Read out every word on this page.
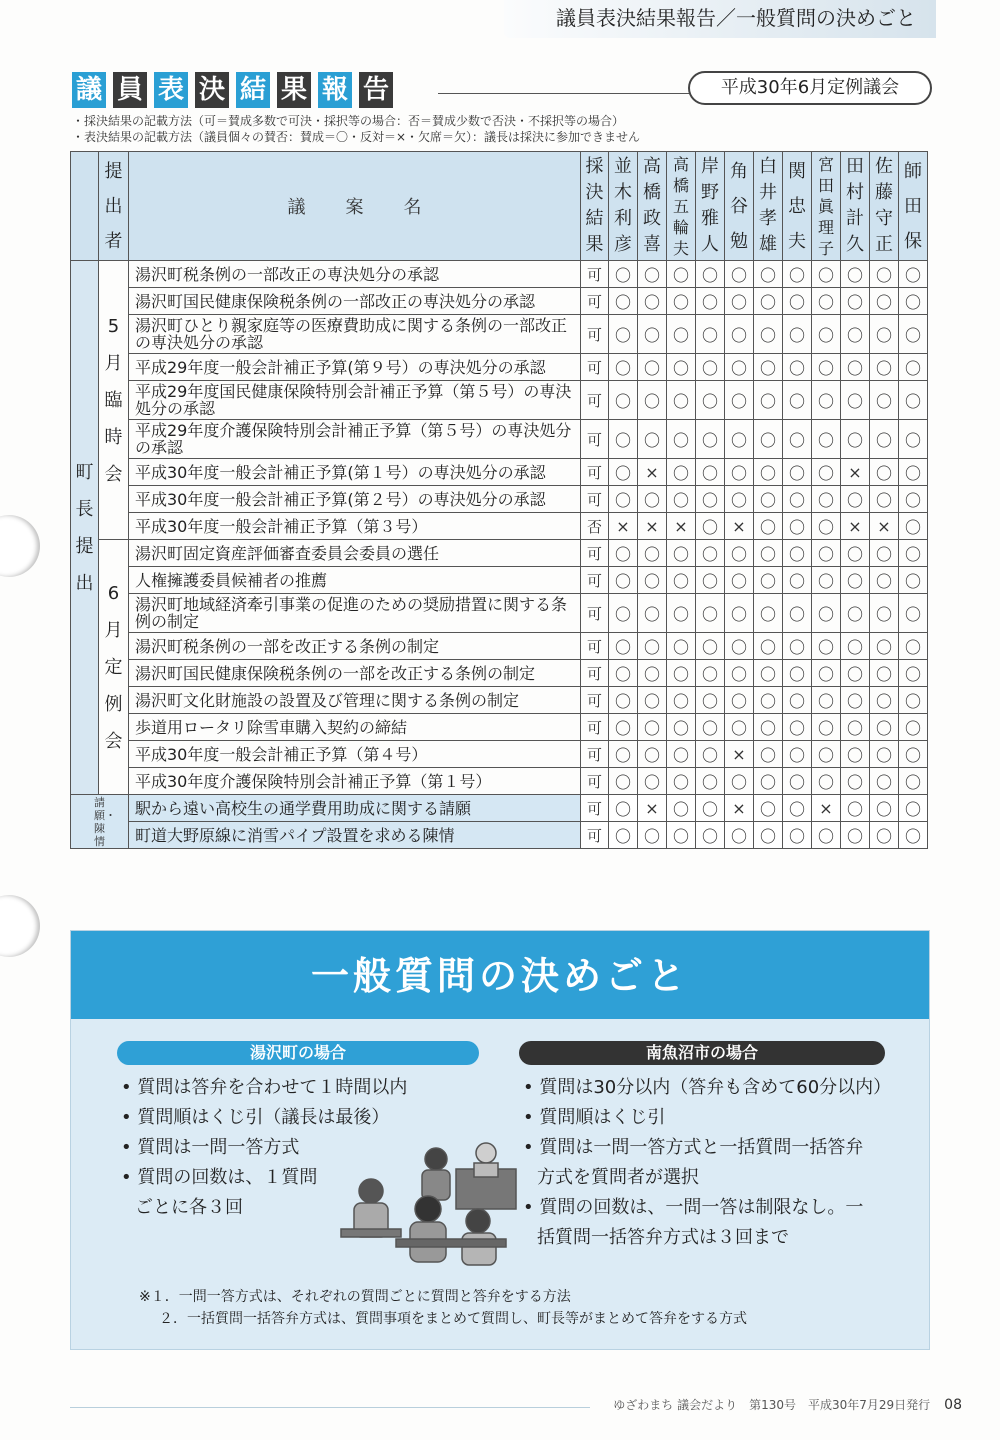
議員表決結果報告／一般質問の決めごと
議 員 表 決 結 果 報 告	平成30年6月定例議会
・採決結果の記載方法（可＝賛成多数で可決・採択等の場合：否＝賛成少数で否決・不採択等の場合）
・表決結果の記載方法（議員個々の賛否：賛成＝〇・反対＝×・欠席＝欠）：議長は採決に参加できません

	提出者	議案名	採決結果	並木利彦	高橋政喜	高橋五輪夫	岸野雅人	角谷勉	白井孝雄	関忠夫	宮田眞理子	田村計久	佐藤守正	師田保

町長提出	5月臨時会	湯沢町税条例の一部改正の専決処分の承認	可	〇	〇	〇	〇	〇	〇	〇	〇	〇	〇	〇
		湯沢町国民健康保険税条例の一部改正の専決処分の承認	可	〇	〇	〇	〇	〇	〇	〇	〇	〇	〇	〇
		湯沢町ひとり親家庭等の医療費助成に関する条例の一部改正の専決処分の承認	可	〇	〇	〇	〇	〇	〇	〇	〇	〇	〇	〇
		平成29年度一般会計補正予算(第９号）の専決処分の承認	可	〇	〇	〇	〇	〇	〇	〇	〇	〇	〇	〇
		平成29年度国民健康保険特別会計補正予算（第５号）の専決処分の承認	可	〇	〇	〇	〇	〇	〇	〇	〇	〇	〇	〇
		平成29年度介護保険特別会計補正予算（第５号）の専決処分の承認	可	〇	〇	〇	〇	〇	〇	〇	〇	〇	〇	〇
		平成30年度一般会計補正予算(第１号）の専決処分の承認	可	〇	×	〇	〇	〇	〇	〇	〇	×	〇	〇
		平成30年度一般会計補正予算(第２号）の専決処分の承認	可	〇	〇	〇	〇	〇	〇	〇	〇	〇	〇	〇
		平成30年度一般会計補正予算（第３号）	否	×	×	×	〇	×	〇	〇	〇	×	×	〇

	6月定例会	湯沢町固定資産評価審査委員会委員の選任	可	〇	〇	〇	〇	〇	〇	〇	〇	〇	〇	〇
		人権擁護委員候補者の推薦	可	〇	〇	〇	〇	〇	〇	〇	〇	〇	〇	〇
		湯沢町地域経済牽引事業の促進のための奨励措置に関する条例の制定	可	〇	〇	〇	〇	〇	〇	〇	〇	〇	〇	〇
		湯沢町税条例の一部を改正する条例の制定	可	〇	〇	〇	〇	〇	〇	〇	〇	〇	〇	〇
		湯沢町国民健康保険税条例の一部を改正する条例の制定	可	〇	〇	〇	〇	〇	〇	〇	〇	〇	〇	〇
		湯沢町文化財施設の設置及び管理に関する条例の制定	可	〇	〇	〇	〇	〇	〇	〇	〇	〇	〇	〇
		歩道用ロータリ除雪車購入契約の締結	可	〇	〇	〇	〇	〇	〇	〇	〇	〇	〇	〇
		平成30年度一般会計補正予算（第４号）	可	〇	〇	〇	〇	×	〇	〇	〇	〇	〇	〇
		平成30年度介護保険特別会計補正予算（第１号）	可	〇	〇	〇	〇	〇	〇	〇	〇	〇	〇	〇

請願・陳情		駅から遠い高校生の通学費用助成に関する請願	可	〇	×	〇	〇	×	〇	〇	×	〇	〇	〇
		町道大野原線に消雪パイプ設置を求める陳情	可	〇	〇	〇	〇	〇	〇	〇	〇	〇	〇	〇
一般質問の決めごと
湯沢町の場合	南魚沼市の場合
• 質問は答弁を合わせて１時間以内
• 質問順はくじ引（議長は最後）
• 質問は一問一答方式
• 質問の回数は、１質問ごとに各３回
• 質問は30分以内（答弁も含めて60分以内）
• 質問順はくじ引
• 質問は一問一答方式と一括質問一括答弁方式を質問者が選択
• 質問の回数は、一問一答は制限なし。一括質問一括答弁方式は３回まで
※１．一問一答方式は、それぞれの質問ごとに質問と答弁をする方法
２．一括質問一括答弁方式は、質問事項をまとめて質問し、町長等がまとめて答弁をする方式
ゆざわまち 議会だより　第130号　平成30年7月29日発行 08
